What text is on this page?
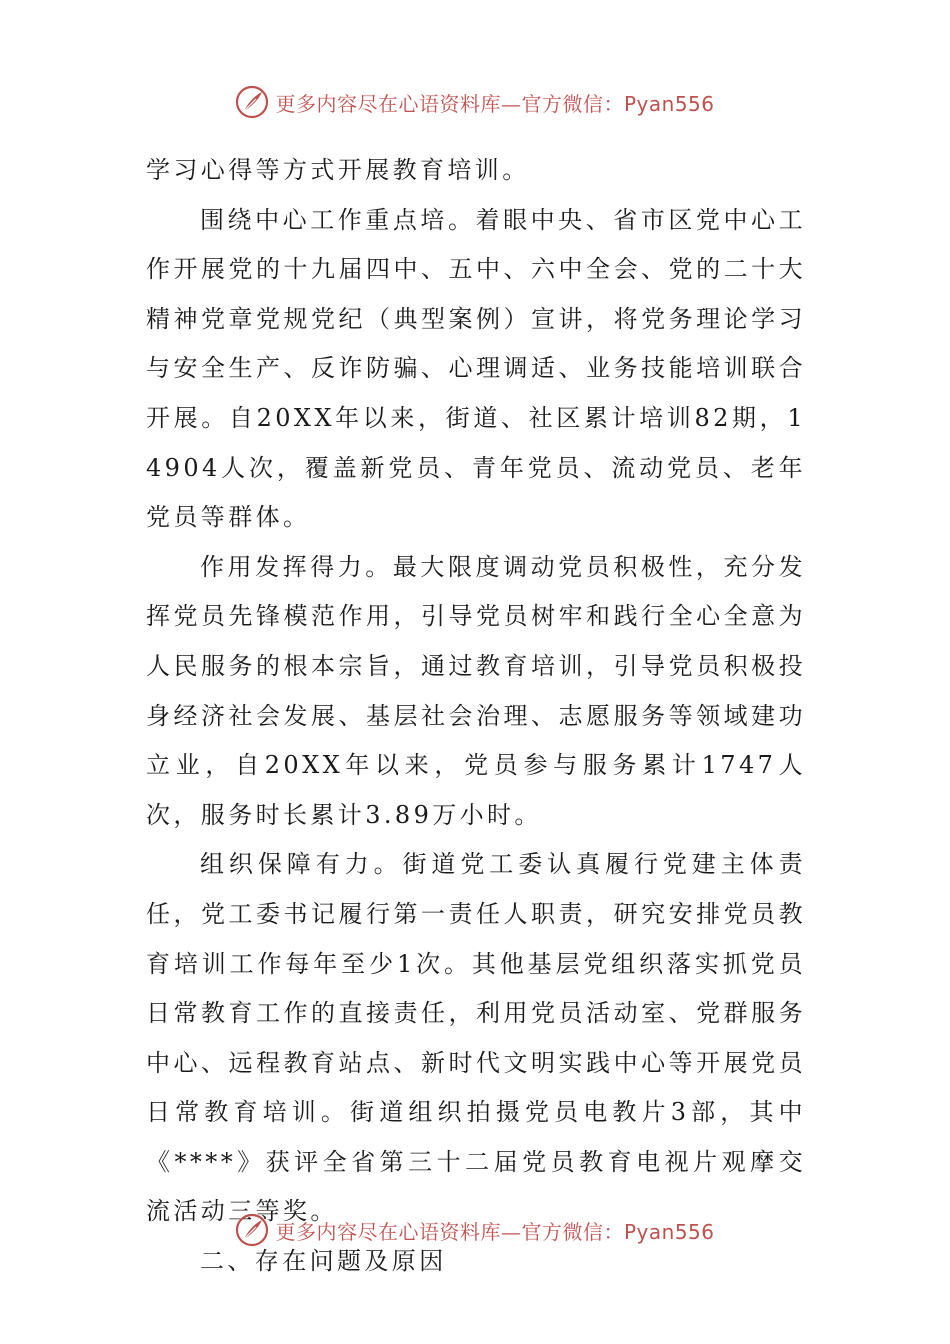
更多内容尽在心语资料库—官方微信：Pyan556

学习心得等方式开展教育培训。

围绕中心工作重点培。着眼中央、省市区党中心工作开展党的十九届四中、五中、六中全会、党的二十大精神党章党规党纪（典型案例）宣讲，将党务理论学习与安全生产、反诈防骗、心理调适、业务技能培训联合开展。自20XX年以来，街道、社区累计培训82期，14904人次，覆盖新党员、青年党员、流动党员、老年党员等群体。

作用发挥得力。最大限度调动党员积极性，充分发挥党员先锋模范作用，引导党员树牢和践行全心全意为人民服务的根本宗旨，通过教育培训，引导党员积极投身经济社会发展、基层社会治理、志愿服务等领域建功立业，自20XX年以来，党员参与服务累计1747人次，服务时长累计3.89万小时。

组织保障有力。街道党工委认真履行党建主体责任，党工委书记履行第一责任人职责，研究安排党员教育培训工作每年至少1次。其他基层党组织落实抓党员日常教育工作的直接责任，利用党员活动室、党群服务中心、远程教育站点、新时代文明实践中心等开展党员日常教育培训。街道组织拍摄党员电教片3部，其中《****》获评全省第三十二届党员教育电视片观摩交流活动三等奖。

二、存在问题及原因

更多内容尽在心语资料库—官方微信：Pyan556
